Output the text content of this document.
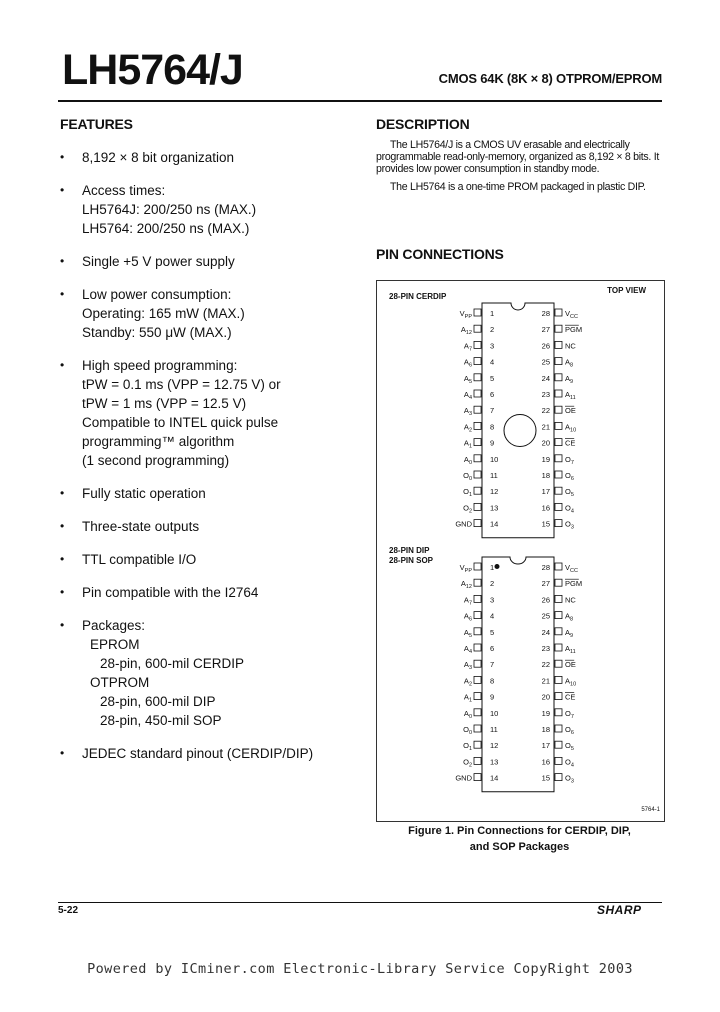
LH5764/J	CMOS 64K (8K × 8) OTPROM/EPROM
FEATURES
• 8,192 × 8 bit organization
• Access times:
LH5764J: 200/250 ns (MAX.)
LH5764: 200/250 ns (MAX.)
• Single +5 V power supply
• Low power consumption:
Operating: 165 mW (MAX.)
Standby: 550 μW (MAX.)
• High speed programming:
tPW = 0.1 ms (VPP = 12.75 V) or
tPW = 1 ms (VPP = 12.5 V)
Compatible to INTEL quick pulse
programming™ algorithm
(1 second programming)
• Fully static operation
• Three-state outputs
• TTL compatible I/O
• Pin compatible with the I2764
• Packages:
EPROM
28-pin, 600-mil CERDIP
OTPROM
28-pin, 600-mil DIP
28-pin, 450-mil SOP
• JEDEC standard pinout (CERDIP/DIP)
DESCRIPTION

The LH5764/J is a CMOS UV erasable and electrically programmable read-only-memory, organized as 8,192 × 8 bits. It provides low power consumption in standby mode.

The LH5764 is a one-time PROM packaged in plastic DIP.

PIN CONNECTIONS
TOP VIEW
28-PIN CERDIP
28-PIN DIP
28-PIN SOP
1
$V_{PP}$
2
$A_{12}$
3
$A_7$
4
$A_6$
5
$A_5$
6
$A_4$
7
$A_3$
8
$A_2$
9
$A_1$
10
$A_0$
11
$O_0$
12
$O_1$
13
$O_2$
14
GND
28 $V_{CC}$
27 PGM
26 NC
25 $A_8$
24 $A_9$
23 $A_{11}$
22 OE
21 $A_{10}$
20 CE
19 $O_7$
18 $O_6$
17 $O_5$
16 $O_4$
15 $O_3$
1
$V_{PP}$
2
$A_{12}$
3
$A_7$
4
$A_6$
5
$A_5$
6
$A_4$
7
$A_3$
8
$A_2$
9
$A_1$
10
$A_0$
11
$O_0$
12
$O_1$
13
$O_2$
14
GND
28 $V_{CC}$
27 PGM
26 NC
25 $A_8$
24 $A_9$
23 $A_{11}$
22 OE
21 $A_{10}$
20 CE
19 $O_7$
18 $O_6$
17 $O_5$
16 $O_4$
15 $O_3$
5764-1
Figure 1. Pin Connections for CERDIP, DIP,
and SOP Packages
5-22	SHARP
Powered by ICminer.com Electronic-Library Service CopyRight 2003
